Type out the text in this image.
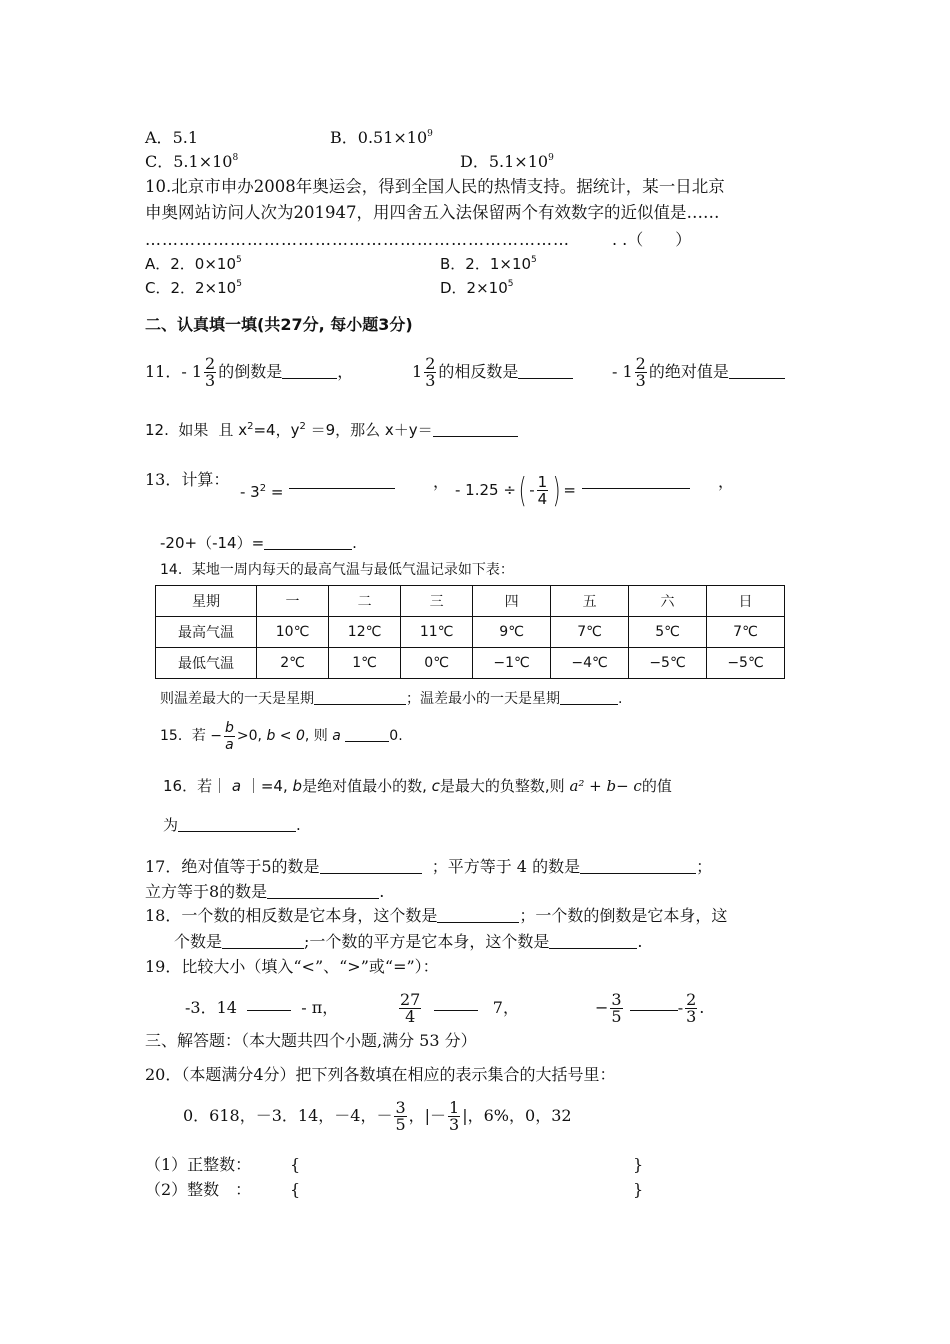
A．5.1	B．$0.51\times 10^9$
C．$5.1\times 10^8$	D．$5.1\times 10^9$
10.北京市申办2008年奥运会，得到全国人民的热情支持。据统计，某一日北京
申奥网站访问人次为201947，用四舍五入法保留两个有效数字的近似值是……
…………………………………………………………………	. .（　　）
A．2．$0\times 10^5$	B．2．$1\times 10^5$
C．2．$2\times 10^5$	D．$2\times 10^5$
二、认真填一填(共27分, 每小题3分)
11．- $1 \frac{2}{3}$ 的倒数是	，	$1 \frac{2}{3}$ 的相反数是	- $1 \frac{2}{3}$ 的绝对值是
12. 如果 且 $x^2=4$，$y^2 =9$，那么 x＋y＝
13．计算：
- $3^2$ =
， - 1.25 ÷( - $\frac{1}{4}$ ) =	，
-20+（-14）=	.
14．某地一周内每天的最高气温与最低气温记录如下表：
星期	一	二	三	四	五	六	日
最高气温	10℃	12℃	11℃	9℃	7℃	5℃	7℃
最低气温	2℃	1℃	0℃	−1℃	−4℃	−5℃	−5℃
则温差最大的一天是星期	；温差最小的一天是星期	.
15．若 − $\frac{b}{a} >0$, b < 0, 则 a	0.
16．若｜ a ｜=4, b是绝对值最小的数, c是最大的负整数,则 a² + b− c的值
为	.
17．绝对值等于5的数是	；平方等于 4 的数是	；
立方等于8的数是	.
18．一个数的相反数是它本身，这个数是	；一个数的倒数是它本身，这
个数是	;一个数的平方是它本身，这个数是	.
19．比较大小（填入“<”、“>”或“=”）：
-3．14	- π，	$\frac{27}{4}$	7，	− $\frac{3}{5}$	- $\frac{2}{3}$ .
三、解答题：（本大题共四个小题,满分 53 分）
20．（本题满分4分）把下列各数填在相应的表示集合的大括号里：
0．618，－3．14，－4，－ $\frac{3}{5}$ ，|－ $\frac{1}{3}$ |，6%，0，32
（1）正整数： {	}
（2）整数　： {	}
